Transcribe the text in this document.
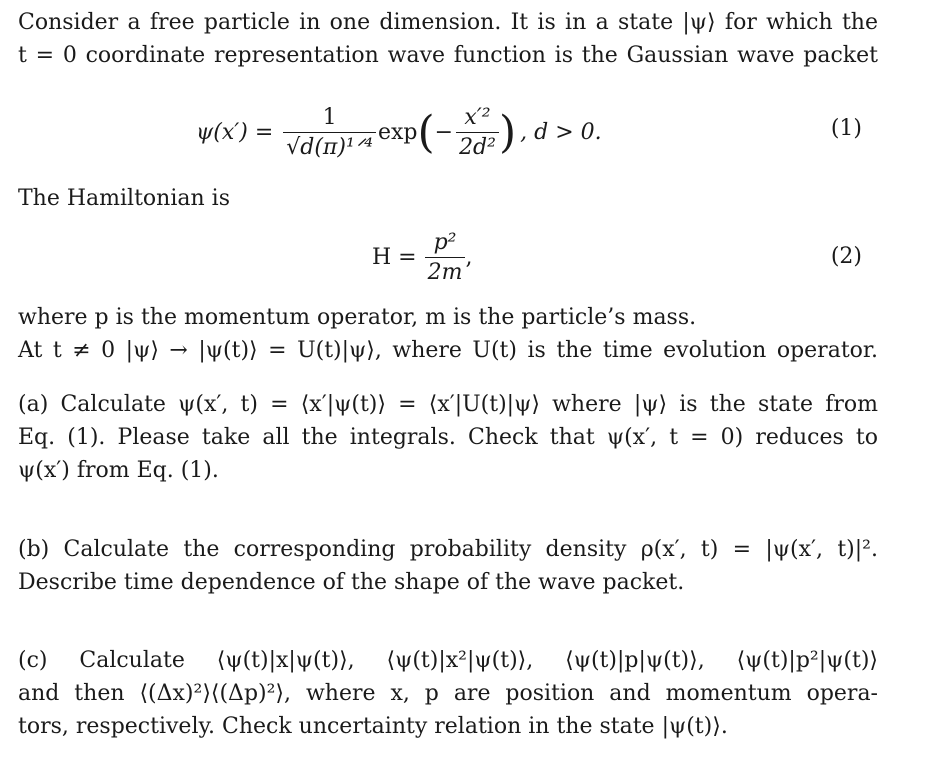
Consider a free particle in one dimension. It is in a state |ψ⟩ for which the
t = 0 coordinate representation wave function is the Gaussian wave packet
$\psi(x') = \frac{1}{\text{√d(π)¹ᐟ⁴}}$ exp ( − $\frac{\text{x′²}}{\text{2d²}}$ ) , d > 0.	(1)
The Hamiltonian is
$H = \frac{\text{p²}}{2m}$ ,	(2)
where p is the momentum operator, m is the particle’s mass.
At t ≠ 0 |ψ⟩ → |ψ(t)⟩ = U(t)|ψ⟩, where U(t) is the time evolution operator.
(a) Calculate ψ(x′, t) = ⟨x′|ψ(t)⟩ = ⟨x′|U(t)|ψ⟩ where |ψ⟩ is the state from
Eq. (1). Please take all the integrals. Check that ψ(x′, t = 0) reduces to
ψ(x′) from Eq. (1).
(b) Calculate the corresponding probability density ρ(x′, t) = |ψ(x′, t)|².
Describe time dependence of the shape of the wave packet.
(c) Calculate ⟨ψ(t)|x|ψ(t)⟩, ⟨ψ(t)|x²|ψ(t)⟩, ⟨ψ(t)|p|ψ(t)⟩, ⟨ψ(t)|p²|ψ(t)⟩
and then ⟨(Δx)²⟩⟨(Δp)²⟩, where x, p are position and momentum opera-
tors, respectively. Check uncertainty relation in the state |ψ(t)⟩.
